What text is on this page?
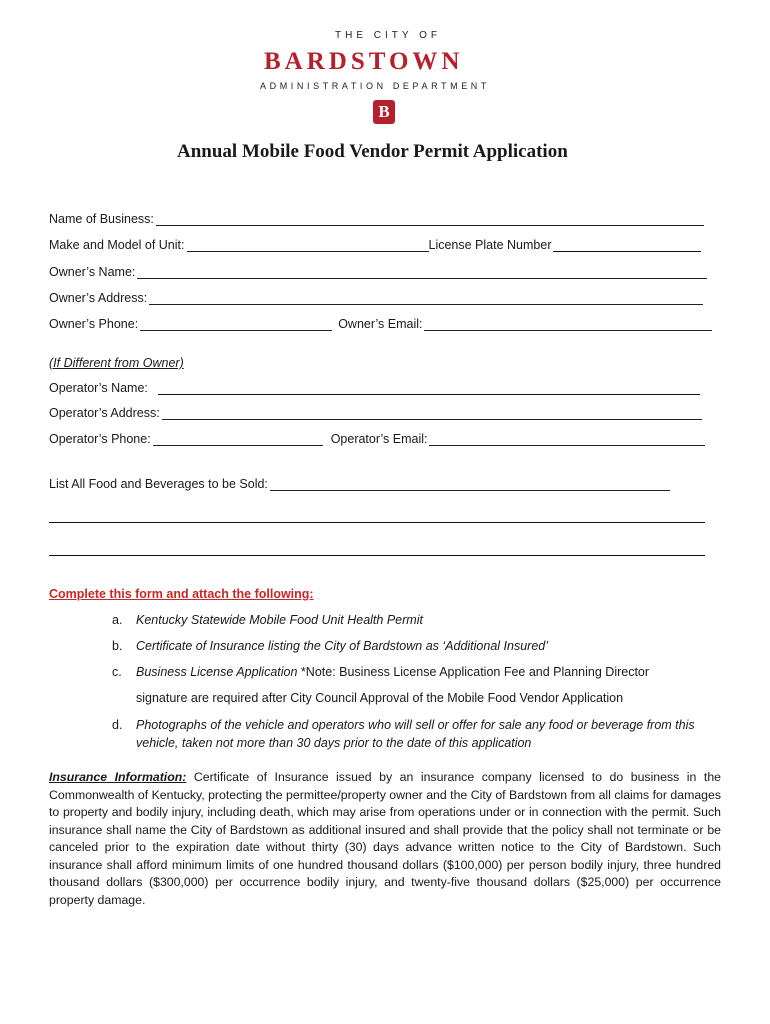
THE CITY OF
BARDSTOWN
ADMINISTRATION DEPARTMENT
B
Annual Mobile Food Vendor Permit Application
Name of Business:
Make and Model of Unit:	License Plate Number
Owner’s Name:
Owner’s Address:
Owner’s Phone:	Owner’s Email:
(If Different from Owner)
Operator’s Name:
Operator’s Address:
Operator’s Phone:	Operator’s Email:
List All Food and Beverages to be Sold:
Complete this form and attach the following:
a. Kentucky Statewide Mobile Food Unit Health Permit
b. Certificate of Insurance listing the City of Bardstown as ‘Additional Insured’
c. Business License Application *Note: Business License Application Fee and Planning Director
signature are required after City Council Approval of the Mobile Food Vendor Application
d. Photographs of the vehicle and operators who will sell or offer for sale any food or beverage from this
vehicle, taken not more than 30 days prior to the date of this application
Insurance Information: Certificate of Insurance issued by an insurance company licensed to do business in the Commonwealth of Kentucky, protecting the permittee/property owner and the City of Bardstown from all claims for damages to property and bodily injury, including death, which may arise from operations under or in connection with the permit. Such insurance shall name the City of Bardstown as additional insured and shall provide that the policy shall not terminate or be canceled prior to the expiration date without thirty (30) days advance written notice to the City of Bardstown. Such insurance shall afford minimum limits of one hundred thousand dollars ($100,000) per person bodily injury, three hundred thousand dollars ($300,000) per occurrence bodily injury, and twenty-five thousand dollars ($25,000) per occurrence property damage.
